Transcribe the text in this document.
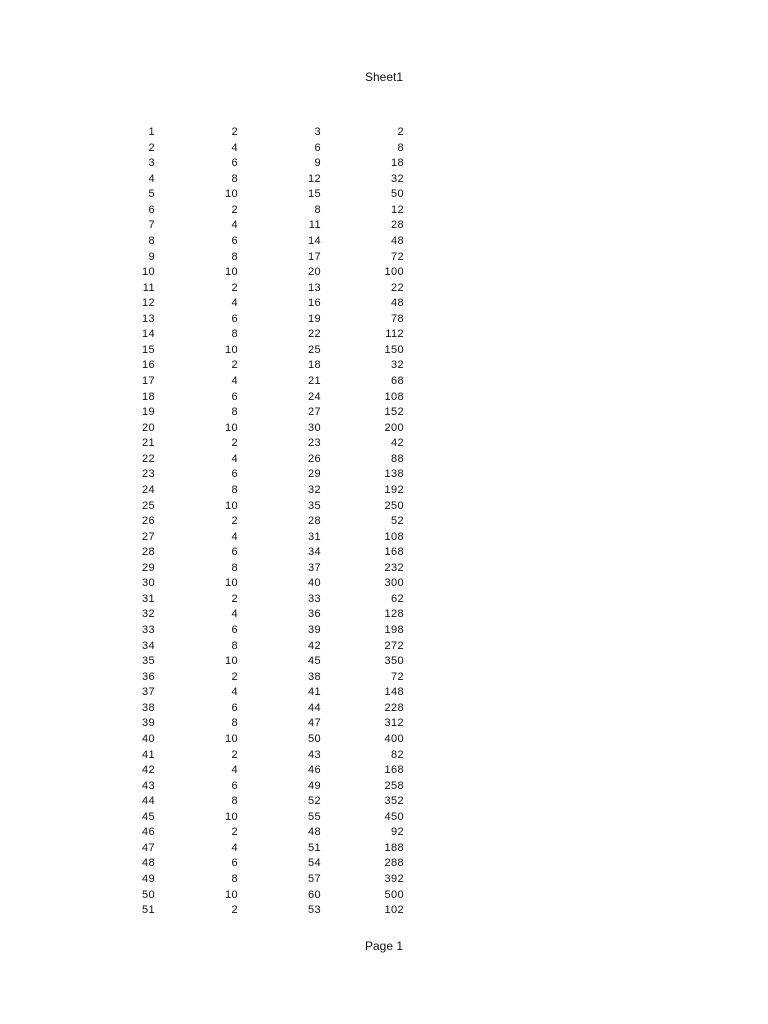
Sheet1
1	2	3	2
2	4	6	8
3	6	9	18
4	8	12	32
5	10	15	50
6	2	8	12
7	4	11	28
8	6	14	48
9	8	17	72
10	10	20	100
11	2	13	22
12	4	16	48
13	6	19	78
14	8	22	112
15	10	25	150
16	2	18	32
17	4	21	68
18	6	24	108
19	8	27	152
20	10	30	200
21	2	23	42
22	4	26	88
23	6	29	138
24	8	32	192
25	10	35	250
26	2	28	52
27	4	31	108
28	6	34	168
29	8	37	232
30	10	40	300
31	2	33	62
32	4	36	128
33	6	39	198
34	8	42	272
35	10	45	350
36	2	38	72
37	4	41	148
38	6	44	228
39	8	47	312
40	10	50	400
41	2	43	82
42	4	46	168
43	6	49	258
44	8	52	352
45	10	55	450
46	2	48	92
47	4	51	188
48	6	54	288
49	8	57	392
50	10	60	500
51	2	53	102
Page 1
